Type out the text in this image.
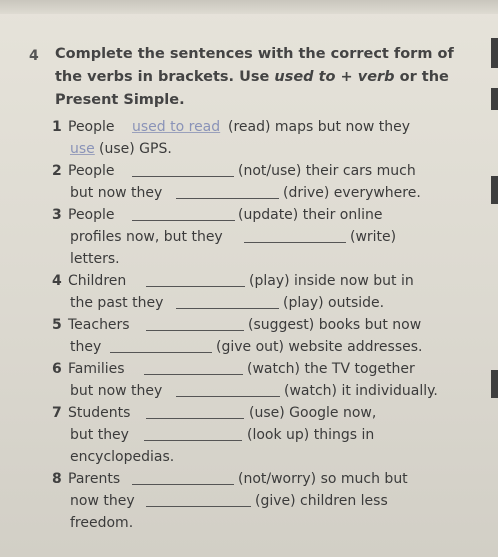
4 Complete the sentences with the correct form of
the verbs in brackets. Use used to + verb or the
Present Simple.
1 People used to read (read) maps but now they
use (use) GPS.
2 People	(not/use) their cars much
but now they	(drive) everywhere.
3 People	(update) their online
profiles now, but they	(write)
letters.
4 Children	(play) inside now but in
the past they	(play) outside.
5 Teachers	(suggest) books but now
they	(give out) website addresses.
6 Families	(watch) the TV together
but now they	(watch) it individually.
7 Students	(use) Google now,
but they	(look up) things in
encyclopedias.
8 Parents	(not/worry) so much but
now they	(give) children less
freedom.
